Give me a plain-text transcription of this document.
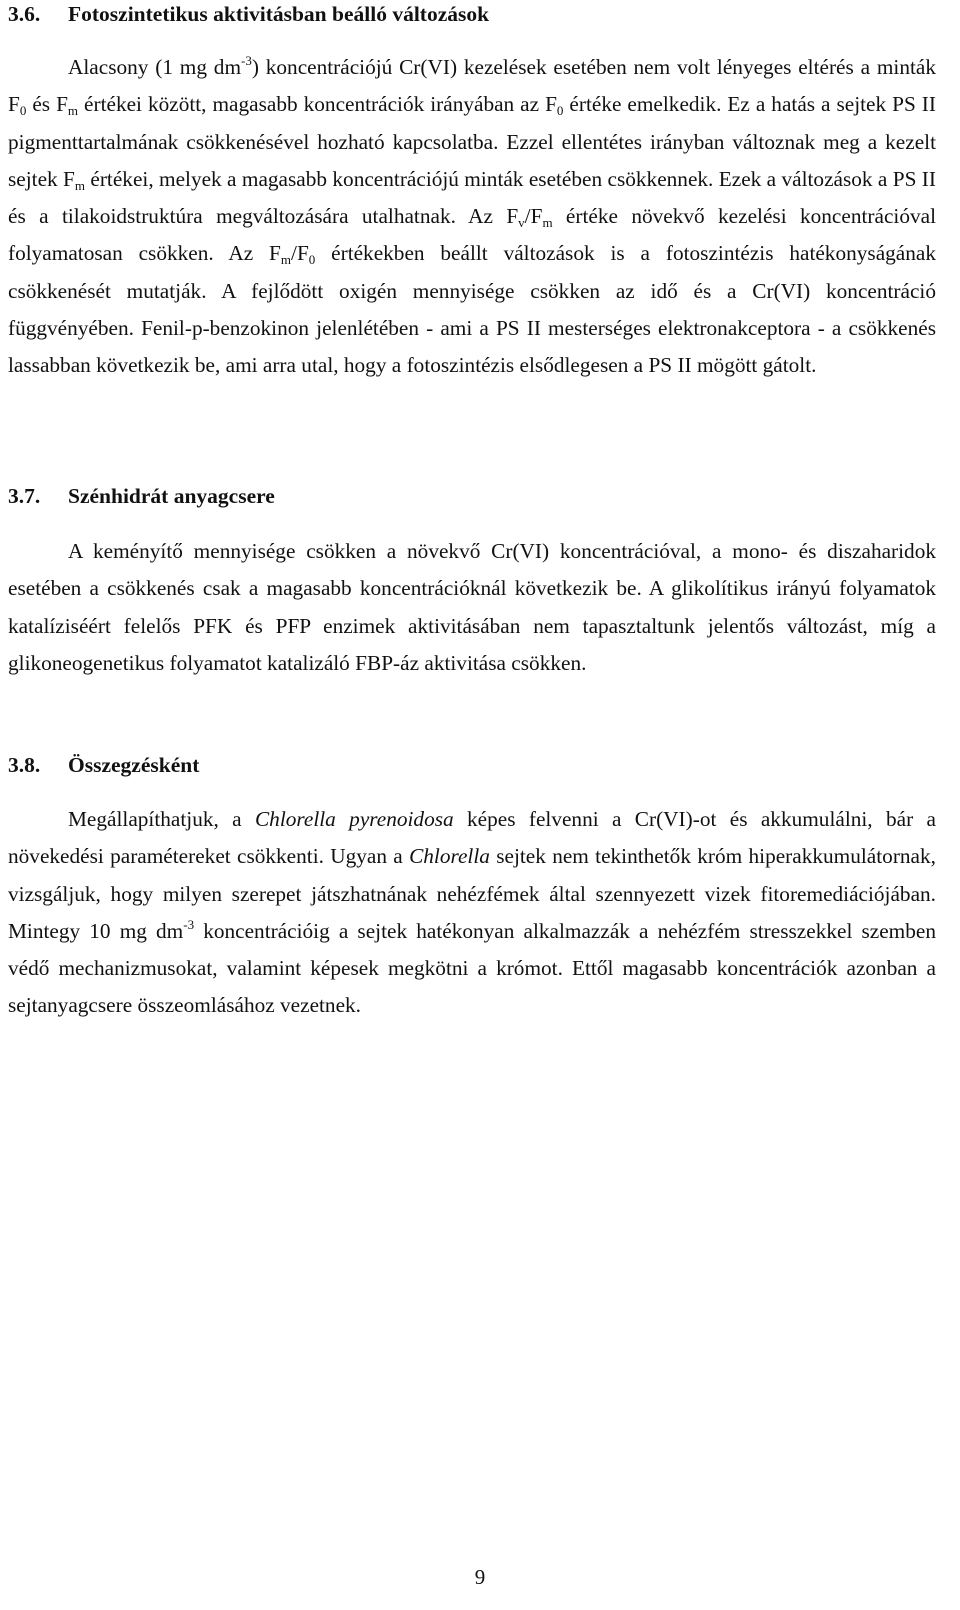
3.6. Fotoszintetikus aktivitásban beálló változások

Alacsony (1 mg $dm^{-3}$) koncentrációjú Cr(VI) kezelések esetében nem volt lényeges eltérés a minták $F_0$ és $F_m$ értékei között, magasabb koncentrációk irányában az $F_0$ értéke emelkedik. Ez a hatás a sejtek PS II pigmenttartalmának csökkenésével hozható kapcsolatba. Ezzel ellentétes irányban változnak meg a kezelt sejtek $F_m$ értékei, melyek a magasabb koncentrációjú minták esetében csökkennek. Ezek a változások a PS II és a tilakoidstruktúra megváltozására utalhatnak. Az $F_v/F_m$ értéke növekvő kezelési koncentrációval folyamatosan csökken. Az $F_m/F_0$ értékekben beállt változások is a fotoszintézis hatékonyságának csökkenését mutatják. A fejlődött oxigén mennyisége csökken az idő és a Cr(VI) koncentráció függvényében. Fenil-p-benzokinon jelenlétében - ami a PS II mesterséges elektronakceptora - a csökkenés lassabban következik be, ami arra utal, hogy a fotoszintézis elsődlegesen a PS II mögött gátolt.

3.7. Szénhidrát anyagcsere

A keményítő mennyisége csökken a növekvő Cr(VI) koncentrációval, a mono- és diszaharidok esetében a csökkenés csak a magasabb koncentrációknál következik be. A glikolítikus irányú folyamatok katalíziséért felelős PFK és PFP enzimek aktivitásában nem tapasztaltunk jelentős változást, míg a glikoneogenetikus folyamatot katalizáló FBP-áz aktivitása csökken.

3.8. Összegzésként

Megállapíthatjuk, a Chlorella pyrenoidosa képes felvenni a Cr(VI)-ot és akkumulálni, bár a növekedési paramétereket csökkenti. Ugyan a Chlorella sejtek nem tekinthetők króm hiperakkumulátornak, vizsgáljuk, hogy milyen szerepet játszhatnának nehézfémek által szennyezett vizek fitoremediációjában. Mintegy 10 mg $dm^{-3}$ koncentrációig a sejtek hatékonyan alkalmazzák a nehézfém stresszekkel szemben védő mechanizmusokat, valamint képesek megkötni a krómot. Ettől magasabb koncentrációk azonban a sejtanyagcsere összeomlásához vezetnek.

9
